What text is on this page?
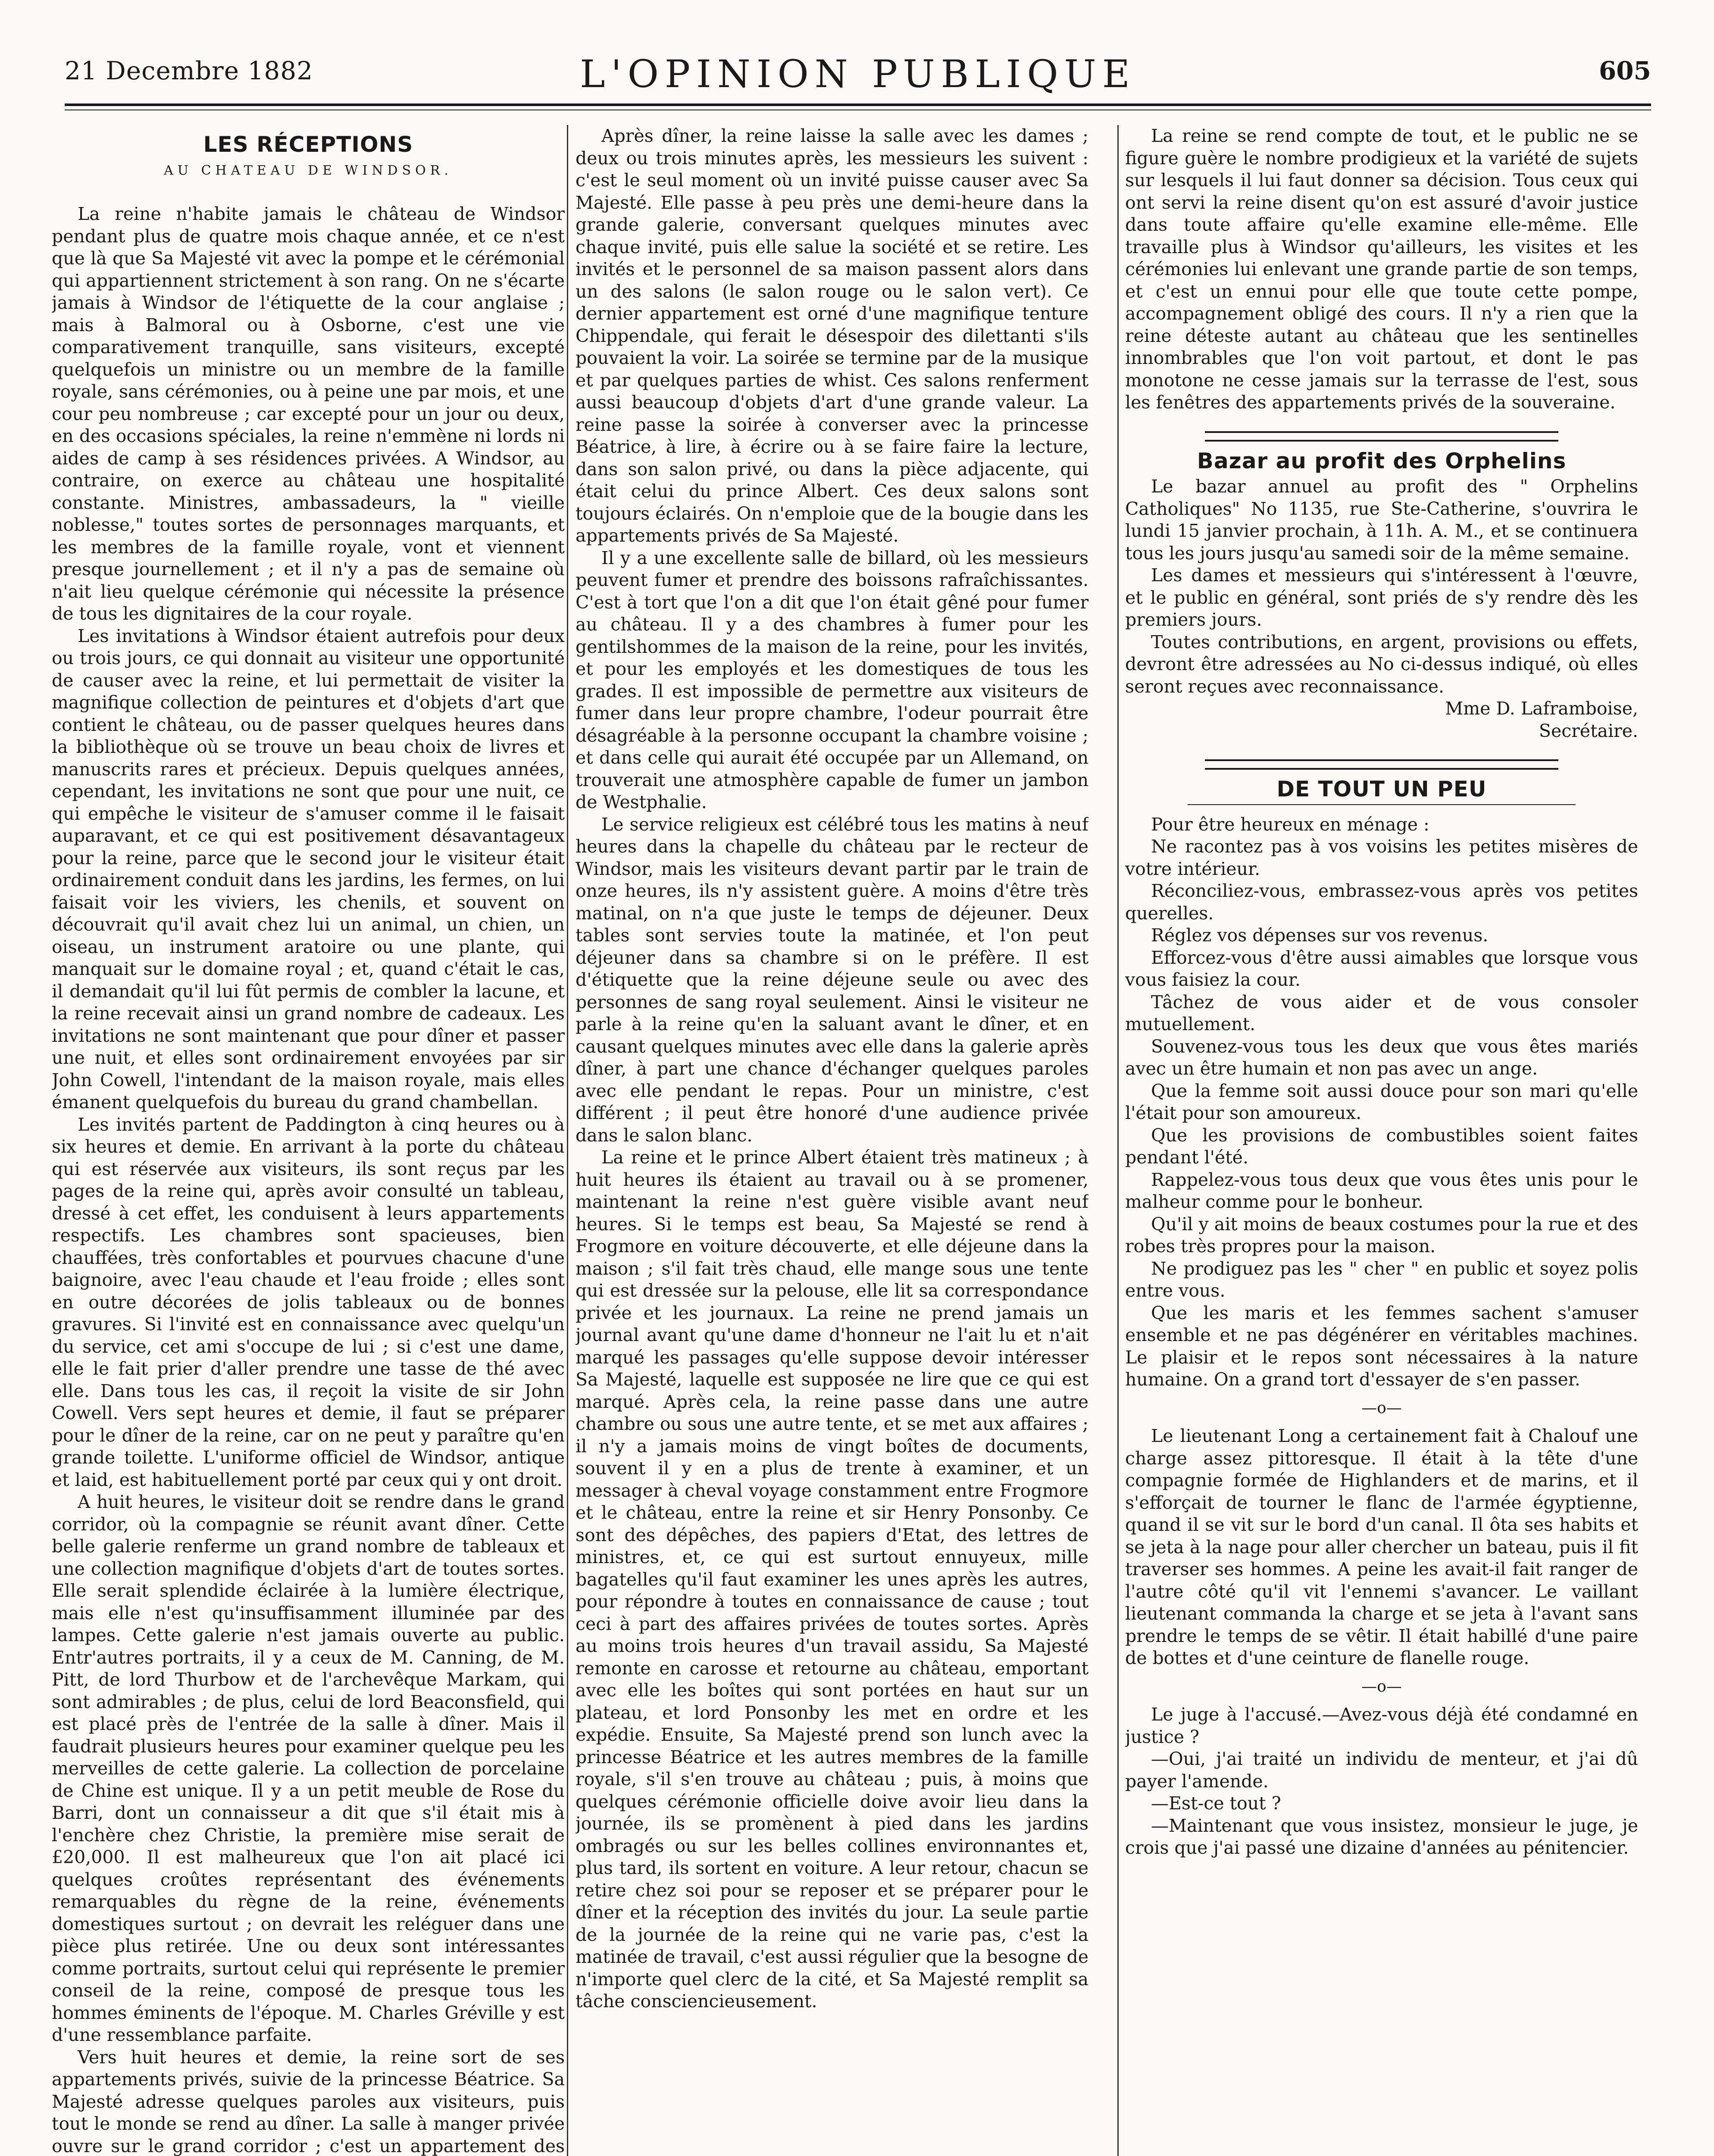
21 Decembre 1882	L'OPINION PUBLIQUE	605
LES RÉCEPTIONS
AU CHATEAU DE WINDSOR.

La reine n'habite jamais le château de Windsor pendant plus de quatre mois chaque année, et ce n'est que là que Sa Majesté vit avec la pompe et le cérémonial qui appartiennent strictement à son rang. On ne s'écarte jamais à Windsor de l'étiquette de la cour anglaise ; mais à Balmoral ou à Osborne, c'est une vie comparativement tranquille, sans visiteurs, excepté quelquefois un ministre ou un membre de la famille royale, sans cérémonies, ou à peine une par mois, et une cour peu nombreuse ; car excepté pour un jour ou deux, en des occasions spéciales, la reine n'emmène ni lords ni aides de camp à ses résidences privées. A Windsor, au contraire, on exerce au château une hospitalité constante. Ministres, ambassadeurs, la " vieille noblesse," toutes sortes de personnages marquants, et les membres de la famille royale, vont et viennent presque journellement ; et il n'y a pas de semaine où n'ait lieu quelque cérémonie qui nécessite la présence de tous les dignitaires de la cour royale.

Les invitations à Windsor étaient autrefois pour deux ou trois jours, ce qui donnait au visiteur une opportunité de causer avec la reine, et lui permettait de visiter la magnifique collection de peintures et d'objets d'art que contient le château, ou de passer quelques heures dans la bibliothèque où se trouve un beau choix de livres et manuscrits rares et précieux. Depuis quelques années, cependant, les invitations ne sont que pour une nuit, ce qui empêche le visiteur de s'amuser comme il le faisait auparavant, et ce qui est positivement désavantageux pour la reine, parce que le second jour le visiteur était ordinairement conduit dans les jardins, les fermes, on lui faisait voir les viviers, les chenils, et souvent on découvrait qu'il avait chez lui un animal, un chien, un oiseau, un instrument aratoire ou une plante, qui manquait sur le domaine royal ; et, quand c'était le cas, il demandait qu'il lui fût permis de combler la lacune, et la reine recevait ainsi un grand nombre de cadeaux. Les invitations ne sont maintenant que pour dîner et passer une nuit, et elles sont ordinairement envoyées par sir John Cowell, l'intendant de la maison royale, mais elles émanent quelquefois du bureau du grand chambellan.

Les invités partent de Paddington à cinq heures ou à six heures et demie. En arrivant à la porte du château qui est réservée aux visiteurs, ils sont reçus par les pages de la reine qui, après avoir consulté un tableau, dressé à cet effet, les conduisent à leurs appartements respectifs. Les chambres sont spacieuses, bien chauffées, très confortables et pourvues chacune d'une baignoire, avec l'eau chaude et l'eau froide ; elles sont en outre décorées de jolis tableaux ou de bonnes gravures. Si l'invité est en connaissance avec quelqu'un du service, cet ami s'occupe de lui ; si c'est une dame, elle le fait prier d'aller prendre une tasse de thé avec elle. Dans tous les cas, il reçoit la visite de sir John Cowell. Vers sept heures et demie, il faut se préparer pour le dîner de la reine, car on ne peut y paraître qu'en grande toilette. L'uniforme officiel de Windsor, antique et laid, est habituellement porté par ceux qui y ont droit.

A huit heures, le visiteur doit se rendre dans le grand corridor, où la compagnie se réunit avant dîner. Cette belle galerie renferme un grand nombre de tableaux et une collection magnifique d'objets d'art de toutes sortes. Elle serait splendide éclairée à la lumière électrique, mais elle n'est qu'insuffisamment illuminée par des lampes. Cette galerie n'est jamais ouverte au public. Entr'autres portraits, il y a ceux de M. Canning, de M. Pitt, de lord Thurbow et de l'archevêque Markam, qui sont admirables ; de plus, celui de lord Beaconsfield, qui est placé près de l'entrée de la salle à dîner. Mais il faudrait plusieurs heures pour examiner quelque peu les merveilles de cette galerie. La collection de porcelaine de Chine est unique. Il y a un petit meuble de Rose du Barri, dont un connaisseur a dit que s'il était mis à l'enchère chez Christie, la première mise serait de £20,000. Il est malheureux que l'on ait placé ici quelques croûtes représentant des événements remarquables du règne de la reine, événements domestiques surtout ; on devrait les reléguer dans une pièce plus retirée. Une ou deux sont intéressantes comme portraits, surtout celui qui représente le premier conseil de la reine, composé de presque tous les hommes éminents de l'époque. M. Charles Gréville y est d'une ressemblance parfaite.

Vers huit heures et demie, la reine sort de ses appartements privés, suivie de la princesse Béatrice. Sa Majesté adresse quelques paroles aux visiteurs, puis tout le monde se rend au dîner. La salle à manger privée ouvre sur le grand corridor ; c'est un appartement des

Après dîner, la reine laisse la salle avec les dames ; deux ou trois minutes après, les messieurs les suivent : c'est le seul moment où un invité puisse causer avec Sa Majesté. Elle passe à peu près une demi-heure dans la grande galerie, conversant quelques minutes avec chaque invité, puis elle salue la société et se retire. Les invités et le personnel de sa maison passent alors dans un des salons (le salon rouge ou le salon vert). Ce dernier appartement est orné d'une magnifique tenture Chippendale, qui ferait le désespoir des dilettanti s'ils pouvaient la voir. La soirée se termine par de la musique et par quelques parties de whist. Ces salons renferment aussi beaucoup d'objets d'art d'une grande valeur. La reine passe la soirée à converser avec la princesse Béatrice, à lire, à écrire ou à se faire faire la lecture, dans son salon privé, ou dans la pièce adjacente, qui était celui du prince Albert. Ces deux salons sont toujours éclairés. On n'emploie que de la bougie dans les appartements privés de Sa Majesté.

Il y a une excellente salle de billard, où les messieurs peuvent fumer et prendre des boissons rafraîchissantes. C'est à tort que l'on a dit que l'on était gêné pour fumer au château. Il y a des chambres à fumer pour les gentilshommes de la maison de la reine, pour les invités, et pour les employés et les domestiques de tous les grades. Il est impossible de permettre aux visiteurs de fumer dans leur propre chambre, l'odeur pourrait être désagréable à la personne occupant la chambre voisine ; et dans celle qui aurait été occupée par un Allemand, on trouverait une atmosphère capable de fumer un jambon de Westphalie.

Le service religieux est célébré tous les matins à neuf heures dans la chapelle du château par le recteur de Windsor, mais les visiteurs devant partir par le train de onze heures, ils n'y assistent guère. A moins d'être très matinal, on n'a que juste le temps de déjeuner. Deux tables sont servies toute la matinée, et l'on peut déjeuner dans sa chambre si on le préfère. Il est d'étiquette que la reine déjeune seule ou avec des personnes de sang royal seulement. Ainsi le visiteur ne parle à la reine qu'en la saluant avant le dîner, et en causant quelques minutes avec elle dans la galerie après dîner, à part une chance d'échanger quelques paroles avec elle pendant le repas. Pour un ministre, c'est différent ; il peut être honoré d'une audience privée dans le salon blanc.

La reine et le prince Albert étaient très matineux ; à huit heures ils étaient au travail ou à se promener, maintenant la reine n'est guère visible avant neuf heures. Si le temps est beau, Sa Majesté se rend à Frogmore en voiture découverte, et elle déjeune dans la maison ; s'il fait très chaud, elle mange sous une tente qui est dressée sur la pelouse, elle lit sa correspondance privée et les journaux. La reine ne prend jamais un journal avant qu'une dame d'honneur ne l'ait lu et n'ait marqué les passages qu'elle suppose devoir intéresser Sa Majesté, laquelle est supposée ne lire que ce qui est marqué. Après cela, la reine passe dans une autre chambre ou sous une autre tente, et se met aux affaires ; il n'y a jamais moins de vingt boîtes de documents, souvent il y en a plus de trente à examiner, et un messager à cheval voyage constamment entre Frogmore et le château, entre la reine et sir Henry Ponsonby. Ce sont des dépêches, des papiers d'Etat, des lettres de ministres, et, ce qui est surtout ennuyeux, mille bagatelles qu'il faut examiner les unes après les autres, pour répondre à toutes en connaissance de cause ; tout ceci à part des affaires privées de toutes sortes. Après au moins trois heures d'un travail assidu, Sa Majesté remonte en carosse et retourne au château, emportant avec elle les boîtes qui sont portées en haut sur un plateau, et lord Ponsonby les met en ordre et les expédie. Ensuite, Sa Majesté prend son lunch avec la princesse Béatrice et les autres membres de la famille royale, s'il s'en trouve au château ; puis, à moins que quelques cérémonie officielle doive avoir lieu dans la journée, ils se promènent à pied dans les jardins ombragés ou sur les belles collines environnantes et, plus tard, ils sortent en voiture. A leur retour, chacun se retire chez soi pour se reposer et se préparer pour le dîner et la réception des invités du jour. La seule partie de la journée de la reine qui ne varie pas, c'est la matinée de travail, c'est aussi régulier que la besogne de n'importe quel clerc de la cité, et Sa Majesté remplit sa tâche consciencieusement.

La reine se rend compte de tout, et le public ne se figure guère le nombre prodigieux et la variété de sujets sur lesquels il lui faut donner sa décision. Tous ceux qui ont servi la reine disent qu'on est assuré d'avoir justice dans toute affaire qu'elle examine elle-même. Elle travaille plus à Windsor qu'ailleurs, les visites et les cérémonies lui enlevant une grande partie de son temps, et c'est un ennui pour elle que toute cette pompe, accompagnement obligé des cours. Il n'y a rien que la reine déteste autant au château que les sentinelles innombrables que l'on voit partout, et dont le pas monotone ne cesse jamais sur la terrasse de l'est, sous les fenêtres des appartements privés de la souveraine.

Bazar au profit des Orphelins

Le bazar annuel au profit des " Orphelins Catholiques" No 1135, rue Ste-Catherine, s'ouvrira le lundi 15 janvier prochain, à 11h. A. M., et se continuera tous les jours jusqu'au samedi soir de la même semaine.

Les dames et messieurs qui s'intéressent à l'œuvre, et le public en général, sont priés de s'y rendre dès les premiers jours.

Toutes contributions, en argent, provisions ou effets, devront être adressées au No ci-dessus indiqué, où elles seront reçues avec reconnaissance.

Mme D. Laframboise,

Secrétaire.

DE TOUT UN PEU

Pour être heureux en ménage :

Ne racontez pas à vos voisins les petites misères de votre intérieur.

Réconciliez-vous, embrassez-vous après vos petites querelles.

Réglez vos dépenses sur vos revenus.

Efforcez-vous d'être aussi aimables que lorsque vous vous faisiez la cour.

Tâchez de vous aider et de vous consoler mutuellement.

Souvenez-vous tous les deux que vous êtes mariés avec un être humain et non pas avec un ange.

Que la femme soit aussi douce pour son mari qu'elle l'était pour son amoureux.

Que les provisions de combustibles soient faites pendant l'été.

Rappelez-vous tous deux que vous êtes unis pour le malheur comme pour le bonheur.

Qu'il y ait moins de beaux costumes pour la rue et des robes très propres pour la maison.

Ne prodiguez pas les " cher " en public et soyez polis entre vous.

Que les maris et les femmes sachent s'amuser ensemble et ne pas dégénérer en véritables machines. Le plaisir et le repos sont nécessaires à la nature humaine. On a grand tort d'essayer de s'en passer.

—o—

Le lieutenant Long a certainement fait à Chalouf une charge assez pittoresque. Il était à la tête d'une compagnie formée de Highlanders et de marins, et il s'efforçait de tourner le flanc de l'armée égyptienne, quand il se vit sur le bord d'un canal. Il ôta ses habits et se jeta à la nage pour aller chercher un bateau, puis il fit traverser ses hommes. A peine les avait-il fait ranger de l'autre côté qu'il vit l'ennemi s'avancer. Le vaillant lieutenant commanda la charge et se jeta à l'avant sans prendre le temps de se vêtir. Il était habillé d'une paire de bottes et d'une ceinture de flanelle rouge.

—o—

Le juge à l'accusé.—Avez-vous déjà été condamné en justice ?

—Oui, j'ai traité un individu de menteur, et j'ai dû payer l'amende.

—Est-ce tout ?

—Maintenant que vous insistez, monsieur le juge, je crois que j'ai passé une dizaine d'années au pénitencier.
